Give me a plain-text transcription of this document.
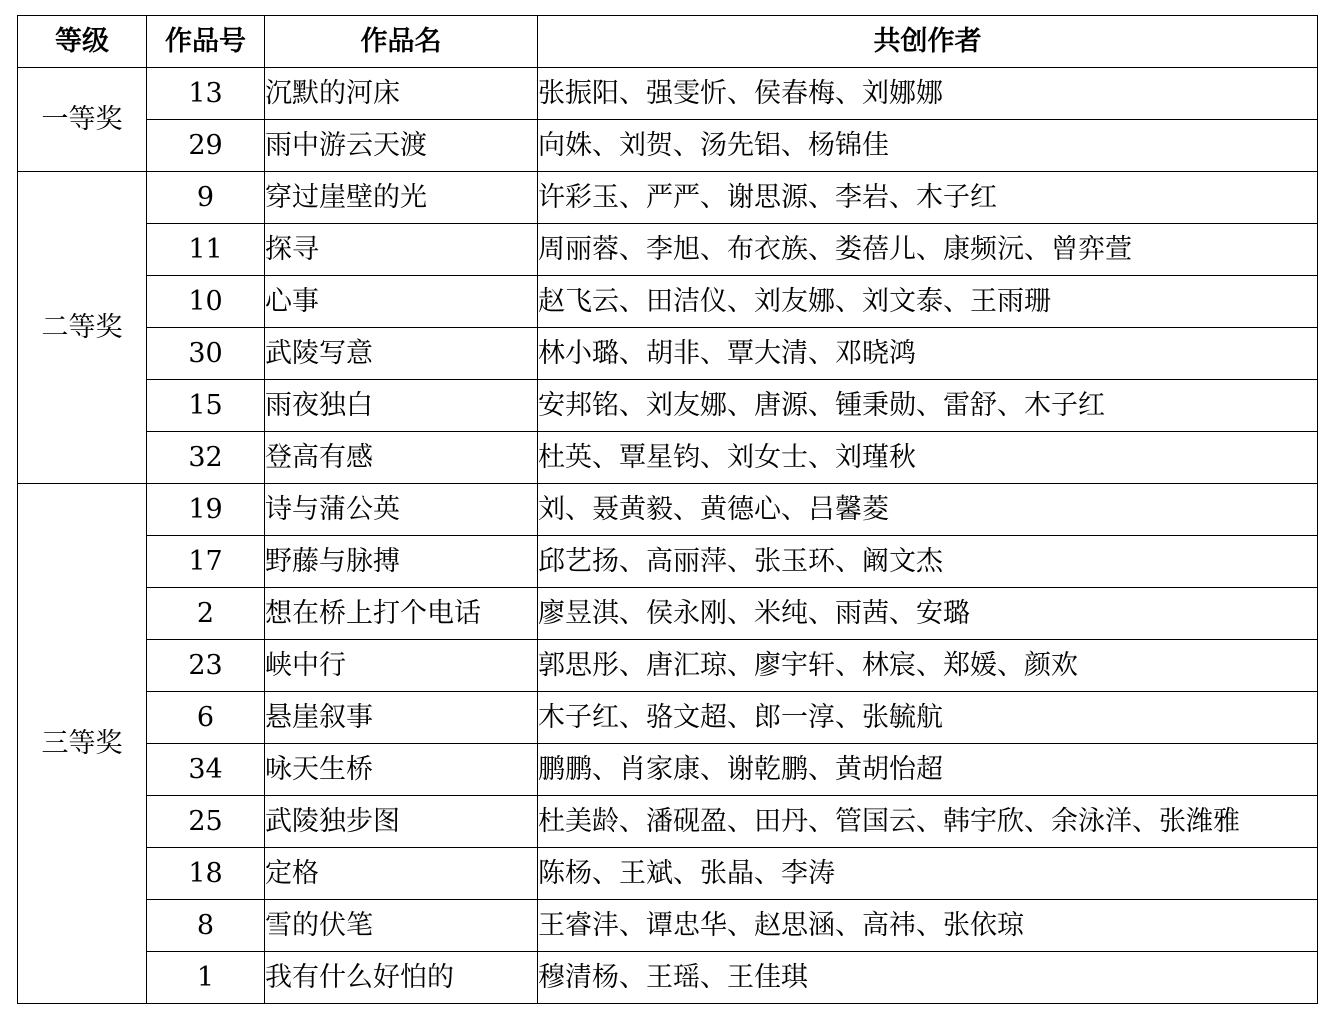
等级	作品号	作品名	共创作者
一等奖	13	沉默的河床	张振阳、强雯忻、侯春梅、刘娜娜
	29	雨中游云天渡	向姝、刘贺、汤先铝、杨锦佳
二等奖	9	穿过崖壁的光	许彩玉、严严、谢思源、李岩、木子红
	11	探寻	周丽蓉、李旭、布衣族、娄蓓儿、康频沅、曾弈萱
	10	心事	赵飞云、田洁仪、刘友娜、刘文泰、王雨珊
	30	武陵写意	林小璐、胡非、覃大清、邓晓鸿
	15	雨夜独白	安邦铭、刘友娜、唐源、锺秉勋、雷舒、木子红
	32	登高有感	杜英、覃星钧、刘女士、刘瑾秋
三等奖	19	诗与蒲公英	刘、聂黄毅、黄德心、吕馨菱
	17	野藤与脉搏	邱艺扬、高丽萍、张玉环、阚文杰
	2	想在桥上打个电话	廖昱淇、侯永刚、米纯、雨茜、安璐
	23	峡中行	郭思彤、唐汇琼、廖宇轩、林宸、郑媛、颜欢
	6	悬崖叙事	木子红、骆文超、郎一淳、张毓航
	34	咏天生桥	鹏鹏、肖家康、谢乾鹏、黄胡怡超
	25	武陵独步图	杜美龄、潘砚盈、田丹、管国云、韩宇欣、余泳洋、张潍雅
	18	定格	陈杨、王斌、张晶、李涛
	8	雪的伏笔	王睿沣、谭忠华、赵思涵、高祎、张依琼
	1	我有什么好怕的	穆清杨、王瑶、王佳琪
